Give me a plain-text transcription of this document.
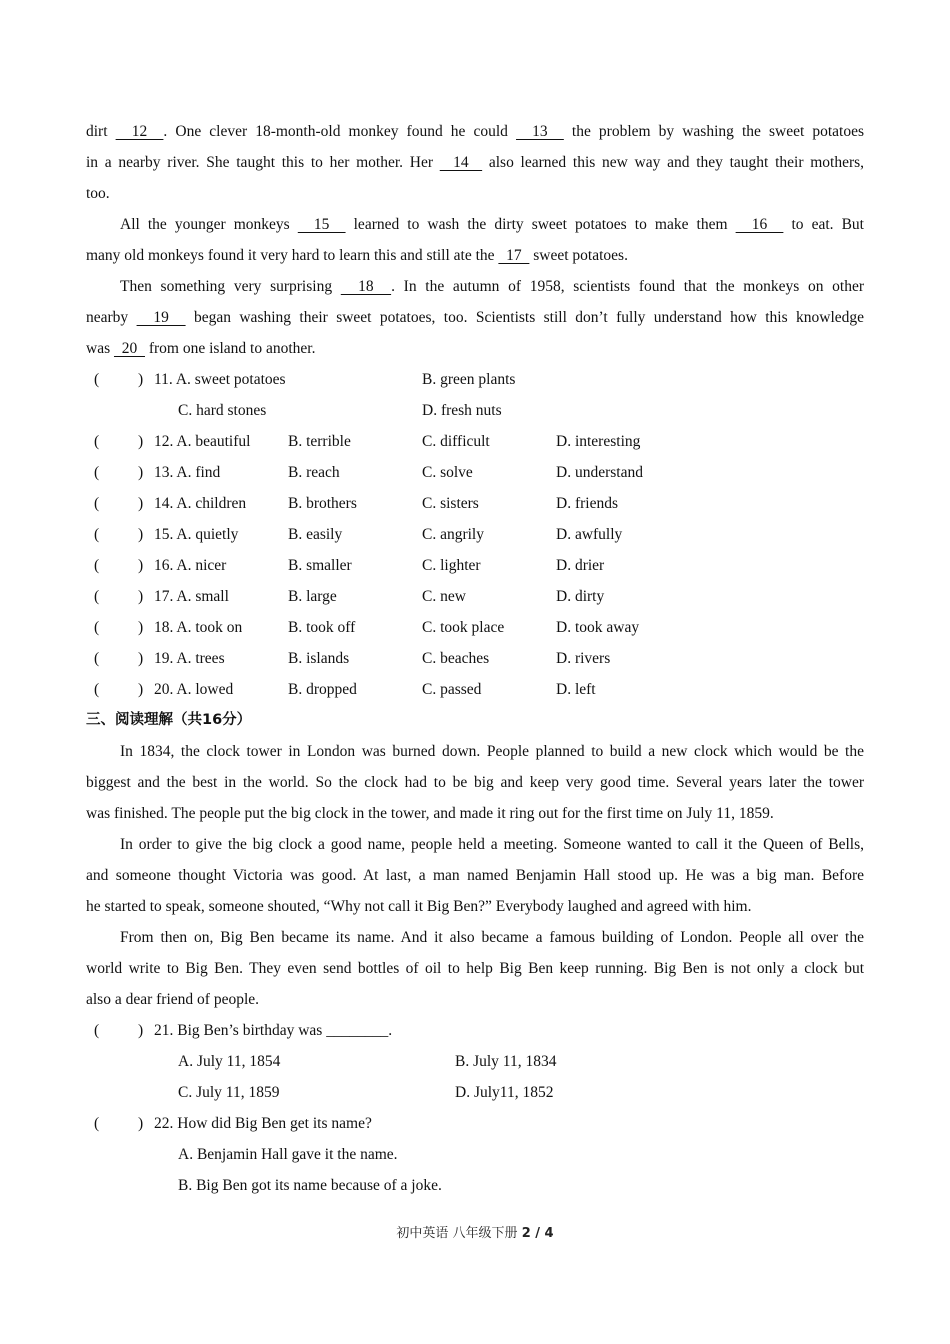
dirt   12  . One clever 18-month-old monkey found he could   13   the problem by washing the sweet potatoes
in a nearby river. She taught this to her mother. Her   14   also learned this new way and they taught their mothers,
too.
All the younger monkeys   15   learned to wash the dirty sweet potatoes to make them   16   to eat. But
many old monkeys found it very hard to learn this and still ate the   17   sweet potatoes.
Then something very surprising   18  . In the autumn of 1958, scientists found that the monkeys on other
nearby   19   began washing their sweet potatoes, too. Scientists still don’t fully understand how this knowledge
was   20   from one island to another.
(	) 11. A. sweet potatoes	B. green plants
C. hard stones	D. fresh nuts
(	) 12. A. beautiful B. terrible	C. difficult	D. interesting
(	) 13. A. find	B. reach	C. solve	D. understand
(	) 14. A. children	B. brothers	C. sisters	D. friends
(	) 15. A. quietly	B. easily	C. angrily	D. awfully
(	) 16. A. nicer	B. smaller	C. lighter	D. drier
(	) 17. A. small	B. large	C. new	D. dirty
(	) 18. A. took on	B. took off	C. took place	D. took away
(	) 19. A. trees	B. islands	C. beaches	D. rivers
(	) 20. A. lowed	B. dropped	C. passed	D. left
三、阅读理解（共16分）
In 1834, the clock tower in London was burned down. People planned to build a new clock which would be the
biggest and the best in the world. So the clock had to be big and keep very good time. Several years later the tower
was finished. The people put the big clock in the tower, and made it ring out for the first time on July 11, 1859.
In order to give the big clock a good name, people held a meeting. Someone wanted to call it the Queen of Bells,
and someone thought Victoria was good. At last, a man named Benjamin Hall stood up. He was a big man. Before
he started to speak, someone shouted, “Why not call it Big Ben?” Everybody laughed and agreed with him.
From then on, Big Ben became its name. And it also became a famous building of London. People all over the
world write to Big Ben. They even send bottles of oil to help Big Ben keep running. Big Ben is not only a clock but
also a dear friend of people.
(	) 21. Big Ben’s birthday was ________.
A. July 11, 1854	B. July 11, 1834
C. July 11, 1859	D. July11, 1852
(	) 22. How did Big Ben get its name?
A. Benjamin Hall gave it the name.
B. Big Ben got its name because of a joke.
初中英语 八年级下册 2 / 4
